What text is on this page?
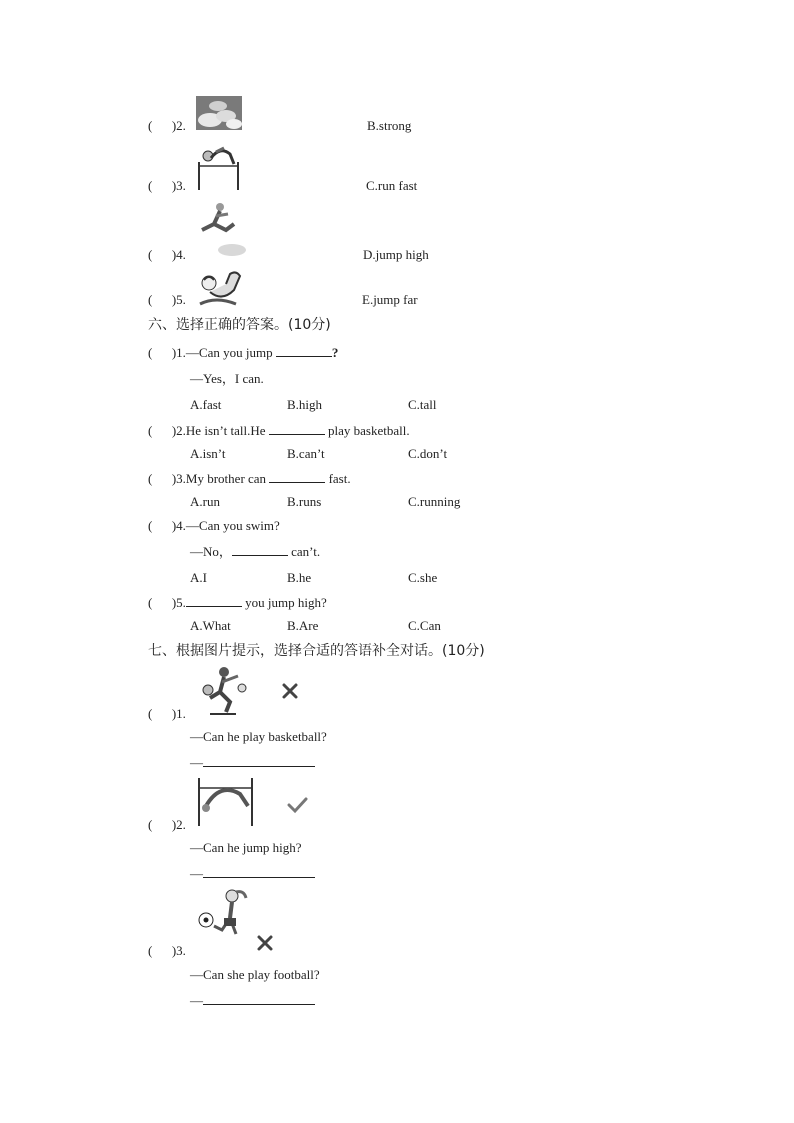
(      )2.	B.strong
(      )3.	C.run fast
(      )4.	D.jump high
(      )5.	E.jump far
六、选择正确的答案。(10分)
(      )1.—Can you jump	?
—Yes，I can.
A.fast	B.high	C.tall
(      )2.He isn’t tall.He	play basketball.
A.isn’t	B.can’t	C.don’t
(      )3.My brother can	fast.
A.run	B.runs	C.running
(      )4.—Can you swim?
—No，	can’t.
A.I	B.he	C.she
(      )5.	you jump high?
A.What	B.Are	C.Can
七、根据图片提示，选择合适的答语补全对话。(10分)
(      )1.
—Can he play basketball?
—
(      )2.
—Can he jump high?
—
(      )3.
—Can she play football?
—
